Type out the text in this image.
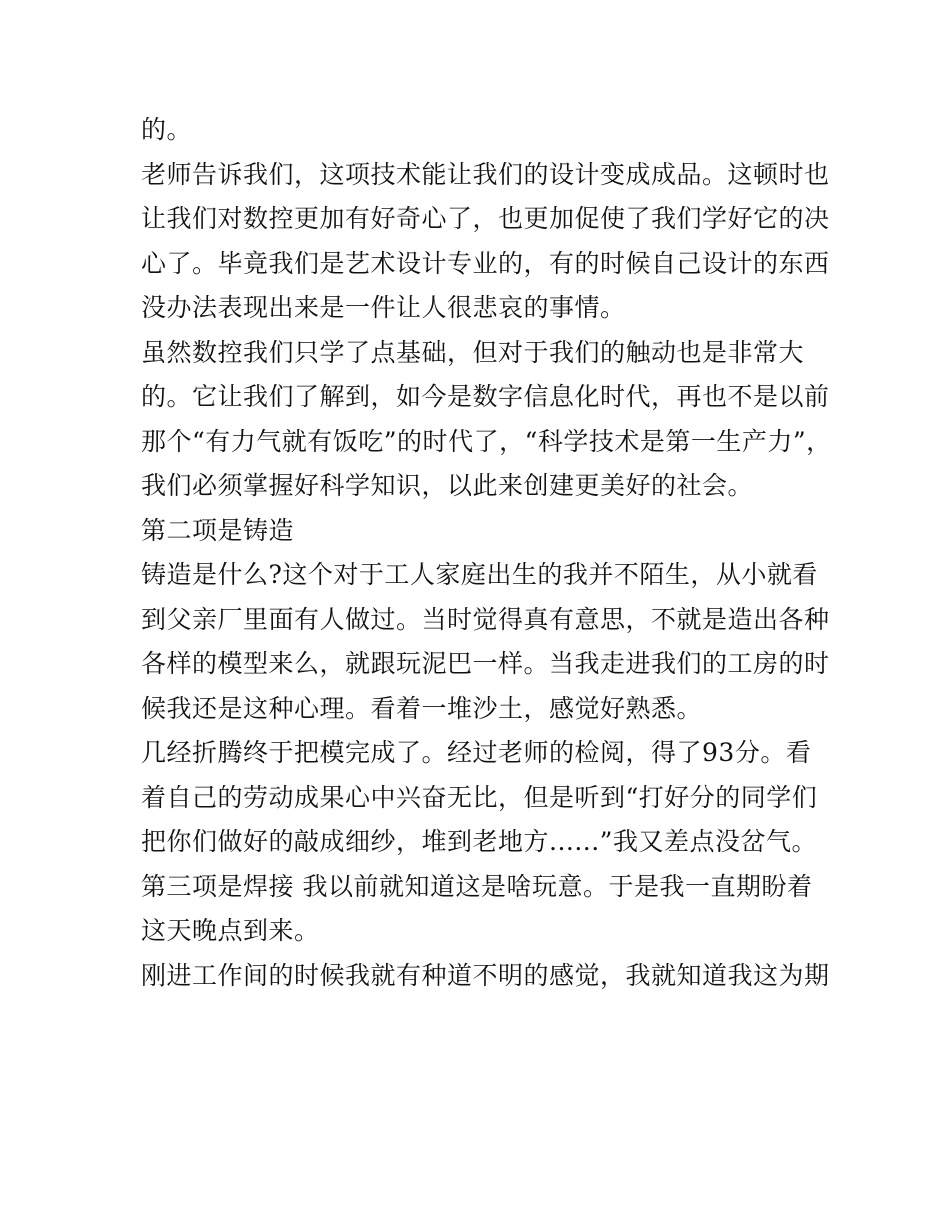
的。
老师告诉我们，这项技术能让我们的设计变成成品。这顿时也
让我们对数控更加有好奇心了，也更加促使了我们学好它的决
心了。毕竟我们是艺术设计专业的，有的时候自己设计的东西
没办法表现出来是一件让人很悲哀的事情。
虽然数控我们只学了点基础，但对于我们的触动也是非常大
的。它让我们了解到，如今是数字信息化时代，再也不是以前
那个“有力气就有饭吃”的时代了，“科学技术是第一生产力”，
我们必须掌握好科学知识，以此来创建更美好的社会。
第二项是铸造
铸造是什么?这个对于工人家庭出生的我并不陌生，从小就看
到父亲厂里面有人做过。当时觉得真有意思，不就是造出各种
各样的模型来么，就跟玩泥巴一样。当我走进我们的工房的时
候我还是这种心理。看着一堆沙土，感觉好熟悉。
几经折腾终于把模完成了。经过老师的检阅，得了93分。看
着自己的劳动成果心中兴奋无比，但是听到“打好分的同学们
把你们做好的敲成细纱，堆到老地方......”我又差点没岔气。
第三项是焊接 我以前就知道这是啥玩意。于是我一直期盼着
这天晚点到来。
刚进工作间的时候我就有种道不明的感觉，我就知道我这为期
